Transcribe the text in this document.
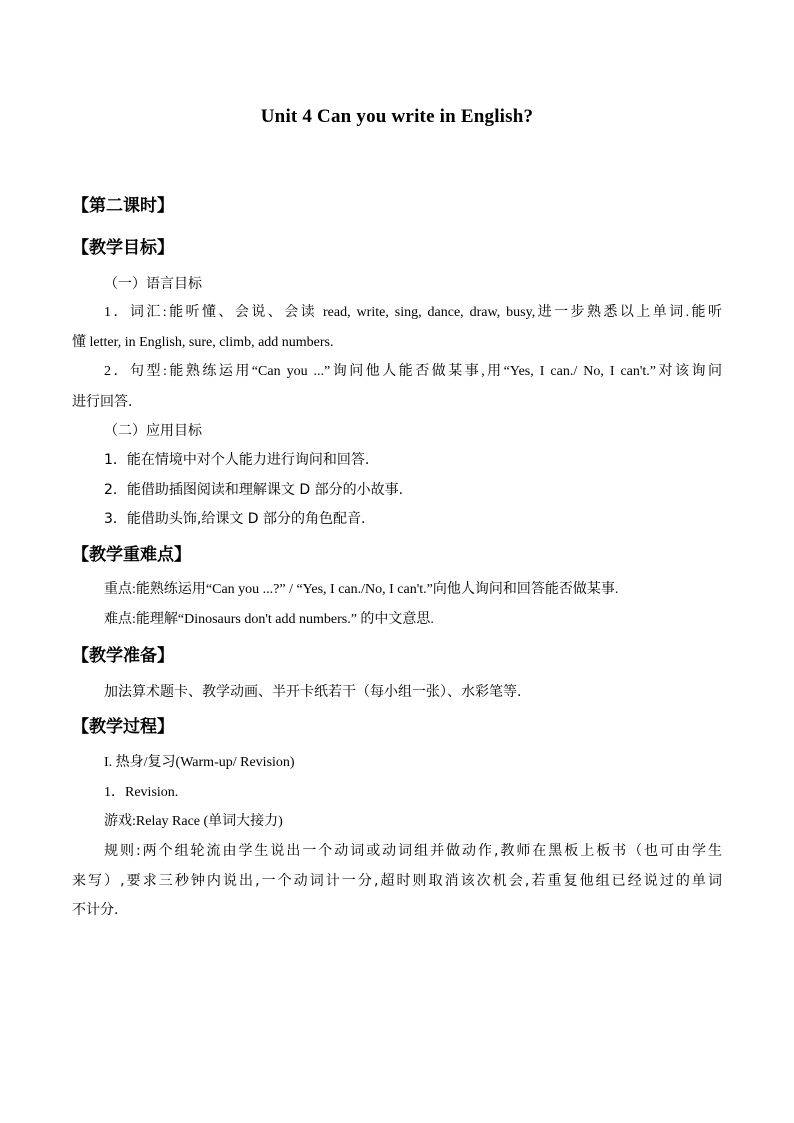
Unit 4 Can you write in English?
【第二课时】
【教学目标】
（一）语言目标
1．词汇:能听懂、会说、会读 read, write, sing, dance, draw, busy,进一步熟悉以上单词.能听
懂 letter, in English, sure, climb, add numbers.
2．句型:能熟练运用“Can you ...”询问他人能否做某事,用“Yes, I can./ No, I can't.”对该询问
进行回答.
（二）应用目标
1．能在情境中对个人能力进行询问和回答.
2．能借助插图阅读和理解课文 D 部分的小故事.
3．能借助头饰,给课文 D 部分的角色配音.
【教学重难点】
重点:能熟练运用“Can you ...?” / “Yes, I can./No, I can't.”向他人询问和回答能否做某事.
难点:能理解“Dinosaurs don't add numbers.” 的中文意思.
【教学准备】
加法算术题卡、教学动画、半开卡纸若干（每小组一张）、水彩笔等.
【教学过程】
I. 热身/复习(Warm-up/ Revision)
1．Revision.
游戏:Relay Race (单词大接力)
规则:两个组轮流由学生说出一个动词或动词组并做动作,教师在黑板上板书（也可由学生
来写）,要求三秒钟内说出,一个动词计一分,超时则取消该次机会,若重复他组已经说过的单词
不计分.
